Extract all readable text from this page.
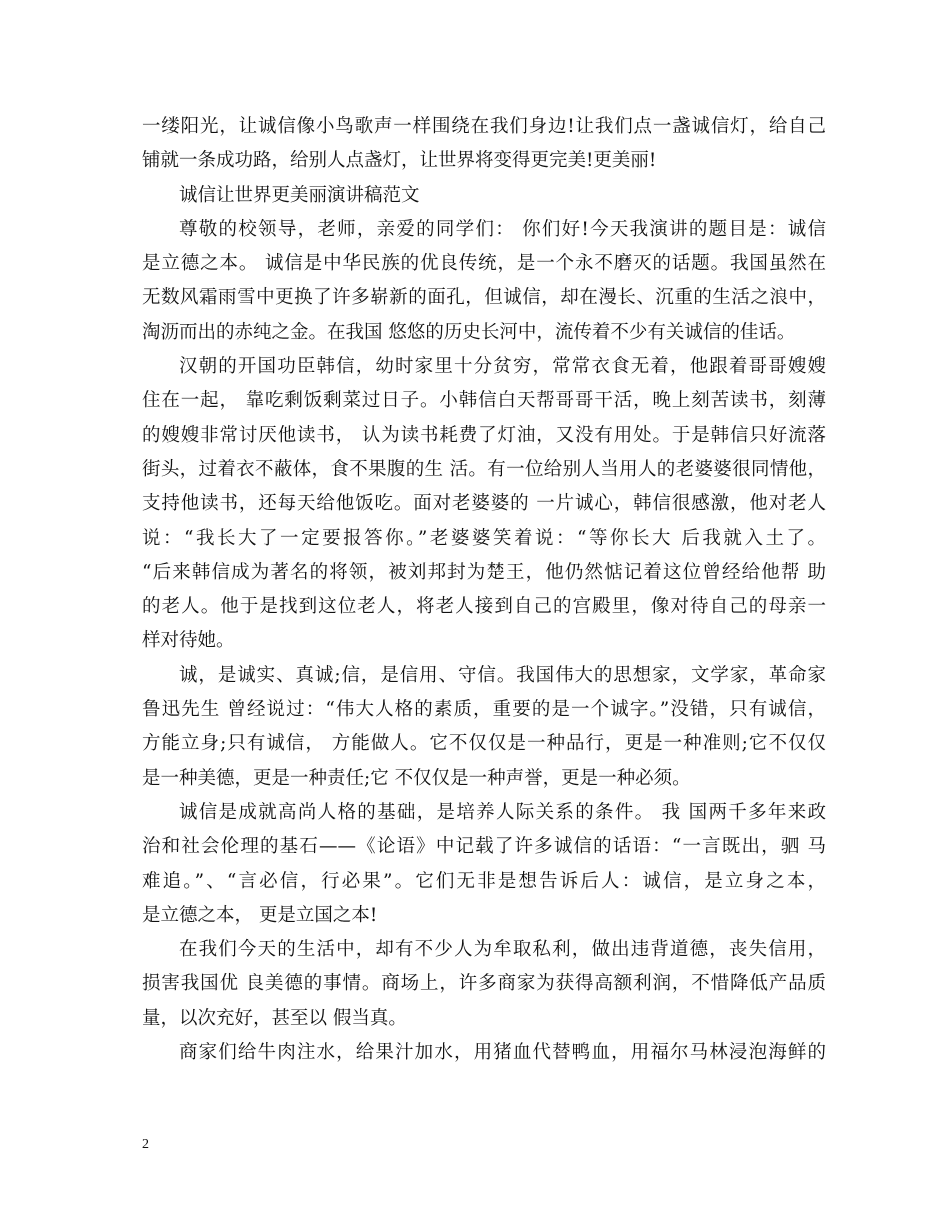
一缕阳光，让诚信像小鸟歌声一样围绕在我们身边!让我们点一盏诚信灯，给自己
铺就一条成功路，给别人点盏灯，让世界将变得更完美!更美丽!
诚信让世界更美丽演讲稿范文
尊敬的校领导，老师，亲爱的同学们： 你们好!今天我演讲的题目是：诚信
是立德之本。 诚信是中华民族的优良传统，是一个永不磨灭的话题。我国虽然在
无数风霜雨雪中更换了许多崭新的面孔，但诚信，却在漫长、沉重的生活之浪中，
淘沥而出的赤纯之金。在我国 悠悠的历史长河中，流传着不少有关诚信的佳话。
汉朝的开国功臣韩信，幼时家里十分贫穷，常常衣食无着，他跟着哥哥嫂嫂
住在一起， 靠吃剩饭剩菜过日子。小韩信白天帮哥哥干活，晚上刻苦读书，刻薄
的嫂嫂非常讨厌他读书， 认为读书耗费了灯油，又没有用处。于是韩信只好流落
街头，过着衣不蔽体，食不果腹的生 活。有一位给别人当用人的老婆婆很同情他，
支持他读书，还每天给他饭吃。面对老婆婆的 一片诚心，韩信很感激，他对老人
说：“我长大了一定要报答你。”老婆婆笑着说：“等你长大 后我就入土了。
“后来韩信成为著名的将领，被刘邦封为楚王，他仍然惦记着这位曾经给他帮 助
的老人。他于是找到这位老人，将老人接到自己的宫殿里，像对待自己的母亲一
样对待她。
诚，是诚实、真诚;信，是信用、守信。我国伟大的思想家，文学家，革命家
鲁迅先生 曾经说过：“伟大人格的素质，重要的是一个诚字。”没错，只有诚信，
方能立身;只有诚信， 方能做人。它不仅仅是一种品行，更是一种准则;它不仅仅
是一种美德，更是一种责任;它 不仅仅是一种声誉，更是一种必须。
诚信是成就高尚人格的基础，是培养人际关系的条件。 我 国两千多年来政
治和社会伦理的基石——《论语》中记载了许多诚信的话语：“一言既出，驷 马
难追。”、“言必信，行必果”。它们无非是想告诉后人：诚信，是立身之本，
是立德之本， 更是立国之本!
在我们今天的生活中，却有不少人为牟取私利，做出违背道德，丧失信用，
损害我国优 良美德的事情。商场上，许多商家为获得高额利润，不惜降低产品质
量，以次充好，甚至以 假当真。
商家们给牛肉注水，给果汁加水，用猪血代替鸭血，用福尔马林浸泡海鲜的
2
